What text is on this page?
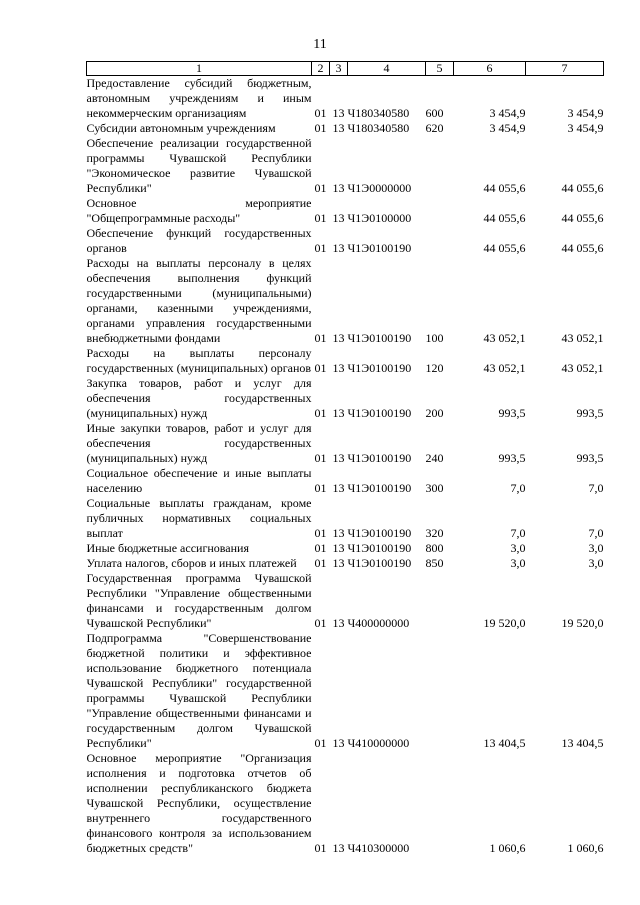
11
1	2	3	4	5	6	7
Предоставление субсидий бюджетным, автономным учреждениям и иным некоммерческим организациям	01	13	Ч180340580	600	3 454,9	3 454,9
Субсидии автономным учреждениям	01	13	Ч180340580	620	3 454,9	3 454,9
Обеспечение реализации государственной программы Чувашской Республики "Экономическое развитие Чувашской Республики"	01	13	Ч1Э0000000		44 055,6	44 055,6
Основное мероприятие "Общепрограммные расходы"	01	13	Ч1Э0100000		44 055,6	44 055,6
Обеспечение функций государственных органов	01	13	Ч1Э0100190		44 055,6	44 055,6
Расходы на выплаты персоналу в целях обеспечения выполнения функций государственными (муниципальными) органами, казенными учреждениями, органами управления государственными внебюджетными фондами	01	13	Ч1Э0100190	100	43 052,1	43 052,1
Расходы на выплаты персоналу государственных (муниципальных) органов	01	13	Ч1Э0100190	120	43 052,1	43 052,1
Закупка товаров, работ и услуг для обеспечения государственных (муниципальных) нужд	01	13	Ч1Э0100190	200	993,5	993,5
Иные закупки товаров, работ и услуг для обеспечения государственных (муниципальных) нужд	01	13	Ч1Э0100190	240	993,5	993,5
Социальное обеспечение и иные выплаты населению	01	13	Ч1Э0100190	300	7,0	7,0
Социальные выплаты гражданам, кроме публичных нормативных социальных выплат	01	13	Ч1Э0100190	320	7,0	7,0
Иные бюджетные ассигнования	01	13	Ч1Э0100190	800	3,0	3,0
Уплата налогов, сборов и иных платежей	01	13	Ч1Э0100190	850	3,0	3,0
Государственная программа Чувашской Республики "Управление общественными финансами и государственным долгом Чувашской Республики"	01	13	Ч400000000		19 520,0	19 520,0
Подпрограмма "Совершенствование бюджетной политики и эффективное использование бюджетного потенциала Чувашской Республики" государственной программы Чувашской Республики "Управление общественными финансами и государственным долгом Чувашской Республики"	01	13	Ч410000000		13 404,5	13 404,5
Основное мероприятие "Организация исполнения и подготовка отчетов об исполнении республиканского бюджета Чувашской Республики, осуществление внутреннего государственного финансового контроля за использованием бюджетных средств"	01	13	Ч410300000		1 060,6	1 060,6
